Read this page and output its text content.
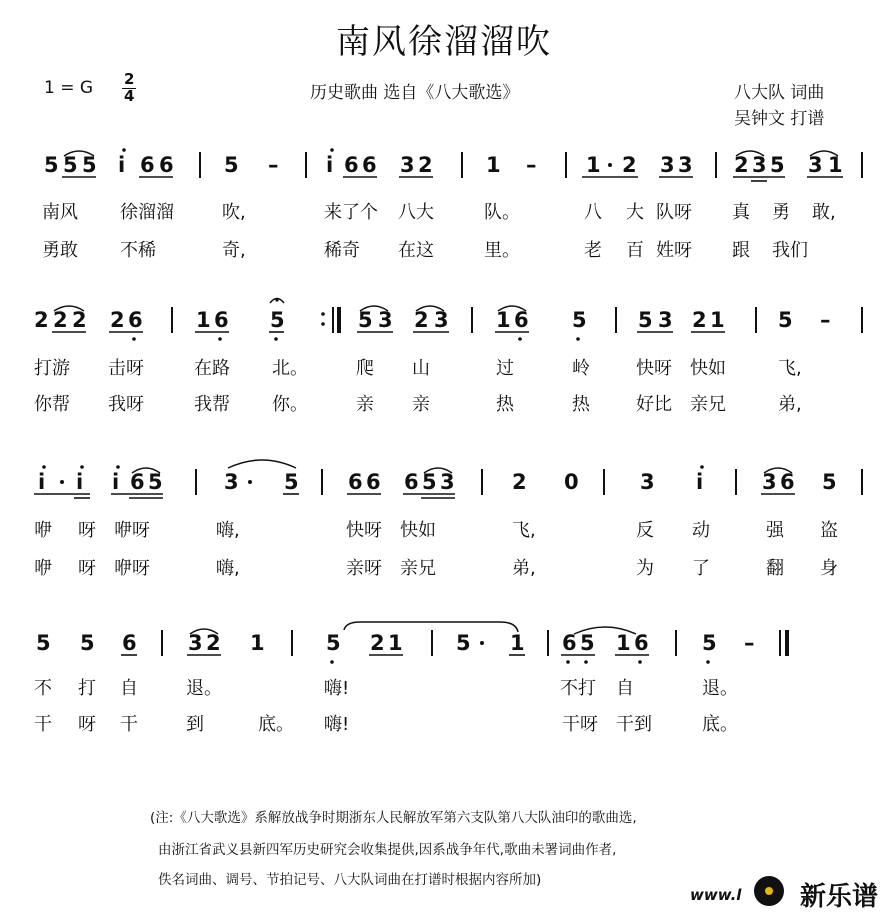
南风徐溜溜吹
1 = G 2
4	历史歌曲 选自《八大歌选》	八大队 词曲
吴钟文 打谱
5 5 5 i 6 6 5 – i 6 6 3 2	1 – 1 2 3 3 2 3 5 3 1
2 2 2 2 6	1 6 5	5 3 2 3 1 6 5 5 3 2 1	5 –
i i i 6 5	3 5 6 6 6 5 3	2 0	3 i	3 6 5
5 5 6 3 2 1	5 2 1	5 1 6 5 1 6	5 –
南风 徐溜溜	吹,	来了个 八大	队。	八 大 队呀 真 勇 敢,
勇敢 不稀	奇,	稀奇 在这	里。	老 百 姓呀 跟 我们
打游 击呀	在路 北。	爬 山	过	岭	快呀 快如	飞,
你帮 我呀	我帮 你。	亲 亲	热	热	好比 亲兄	弟,
咿 呀 咿呀	嗨,	快呀 快如	飞,	反 动	强 盗
咿 呀 咿呀	嗨,	亲呀 亲兄	弟,	为 了	翻 身
不 打 自	退。	嗨!	不打 自	退。
干 呀 干	到	底。 嗨!	干呀 干到	底。
(注:《八大歌选》系解放战争时期浙东人民解放军第六支队第八大队油印的歌曲选,
由浙江省武义县新四军历史研究会收集提供,因系战争年代,歌曲未署词曲作者,
佚名词曲、调号、节拍记号、八大队词曲在打谱时根据内容所加)
www.l 新乐谱
